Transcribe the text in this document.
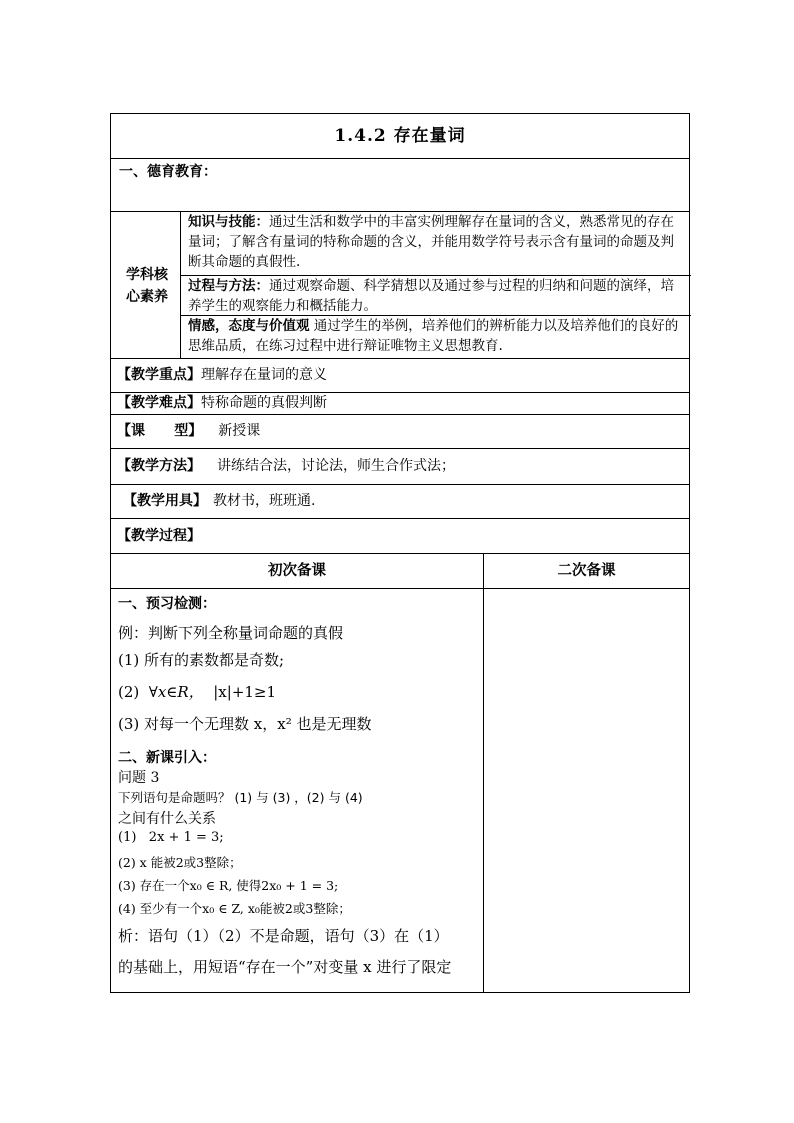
1.4.2 存在量词
一、德育教育：
学科核
心素养
知识与技能：通过生活和数学中的丰富实例理解存在量词的含义，熟悉常见的存在量词；了解含有量词的特称命题的含义，并能用数学符号表示含有量词的命题及判断其命题的真假性.
过程与方法：通过观察命题、科学猜想以及通过参与过程的归纳和问题的演绎，培养学生的观察能力和概括能力。
情感，态度与价值观 通过学生的举例，培养他们的辨析能力以及培养他们的良好的思维品质，在练习过程中进行辩证唯物主义思想教育.
【教学重点】理解存在量词的意义
【教学难点】特称命题的真假判断
【课      型】 新授课
【教学方法】 讲练结合法，讨论法，师生合作式法；
【教学用具】 教材书，班班通.
【教学过程】
初次备课	二次备课
一、预习检测：
例：判断下列全称量词命题的真假
(1) 所有的素数都是奇数;
(2)  ∀x∈R，  |x|+1≥1
(3) 对每一个无理数 x，x² 也是无理数
二、新课引入：
问题 3
下列语句是命题吗？ (1) 与 (3) ，(2) 与 (4)
之间有什么关系
(1)   2x + 1 = 3;
(2) x 能被2或3整除；
(3) 存在一个x₀ ∈ R, 使得2x₀ + 1 = 3;
(4) 至少有一个x₀ ∈ Z, x₀能被2或3整除；
析：语句（1）（2）不是命题，语句（3）在（1）
的基础上，用短语“存在一个”对变量 x 进行了限定
